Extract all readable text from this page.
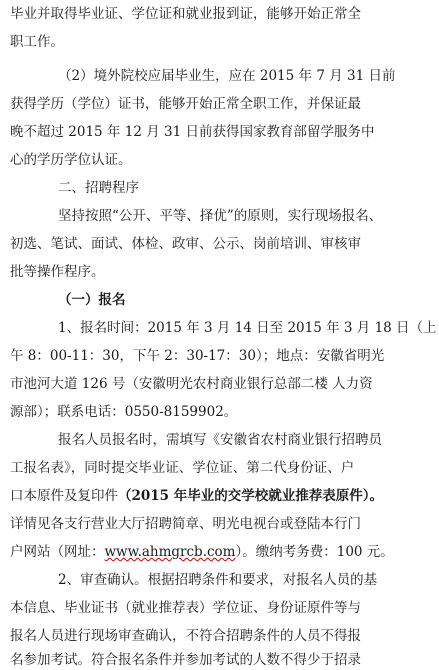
毕业并取得毕业证、学位证和就业报到证，能够开始正常全
职工作。
（2）境外院校应届毕业生，应在 2015 年 7 月 31 日前
获得学历（学位）证书，能够开始正常全职工作，并保证最
晚不超过 2015 年 12 月 31 日前获得国家教育部留学服务中
心的学历学位认证。
二、招聘程序
坚持按照“公开、平等、择优”的原则，实行现场报名、
初选、笔试、面试、体检、政审、公示、岗前培训、审核审
批等操作程序。
（一）报名
1、报名时间：2015 年 3 月 14 日至 2015 年 3 月 18 日（上
午 8：00-11：30，下午 2：30-17：30）；地点：安徽省明光
市池河大道 126 号（安徽明光农村商业银行总部二楼 人力资
源部）；联系电话：0550-8159902。
报名人员报名时，需填写《安徽省农村商业银行招聘员
工报名表》，同时提交毕业证、学位证、第二代身份证、户
口本原件及复印件（2015 年毕业的交学校就业推荐表原件）。
详情见各支行营业大厅招聘简章、明光电视台或登陆本行门
户网站（网址：www.ahmgrcb.com）。缴纳考务费：100 元。
2、审查确认。根据招聘条件和要求，对报名人员的基
本信息、毕业证书（就业推荐表）学位证、身份证原件等与
报名人员进行现场审查确认，不符合招聘条件的人员不得报
名参加考试。符合报名条件并参加考试的人数不得少于招录
